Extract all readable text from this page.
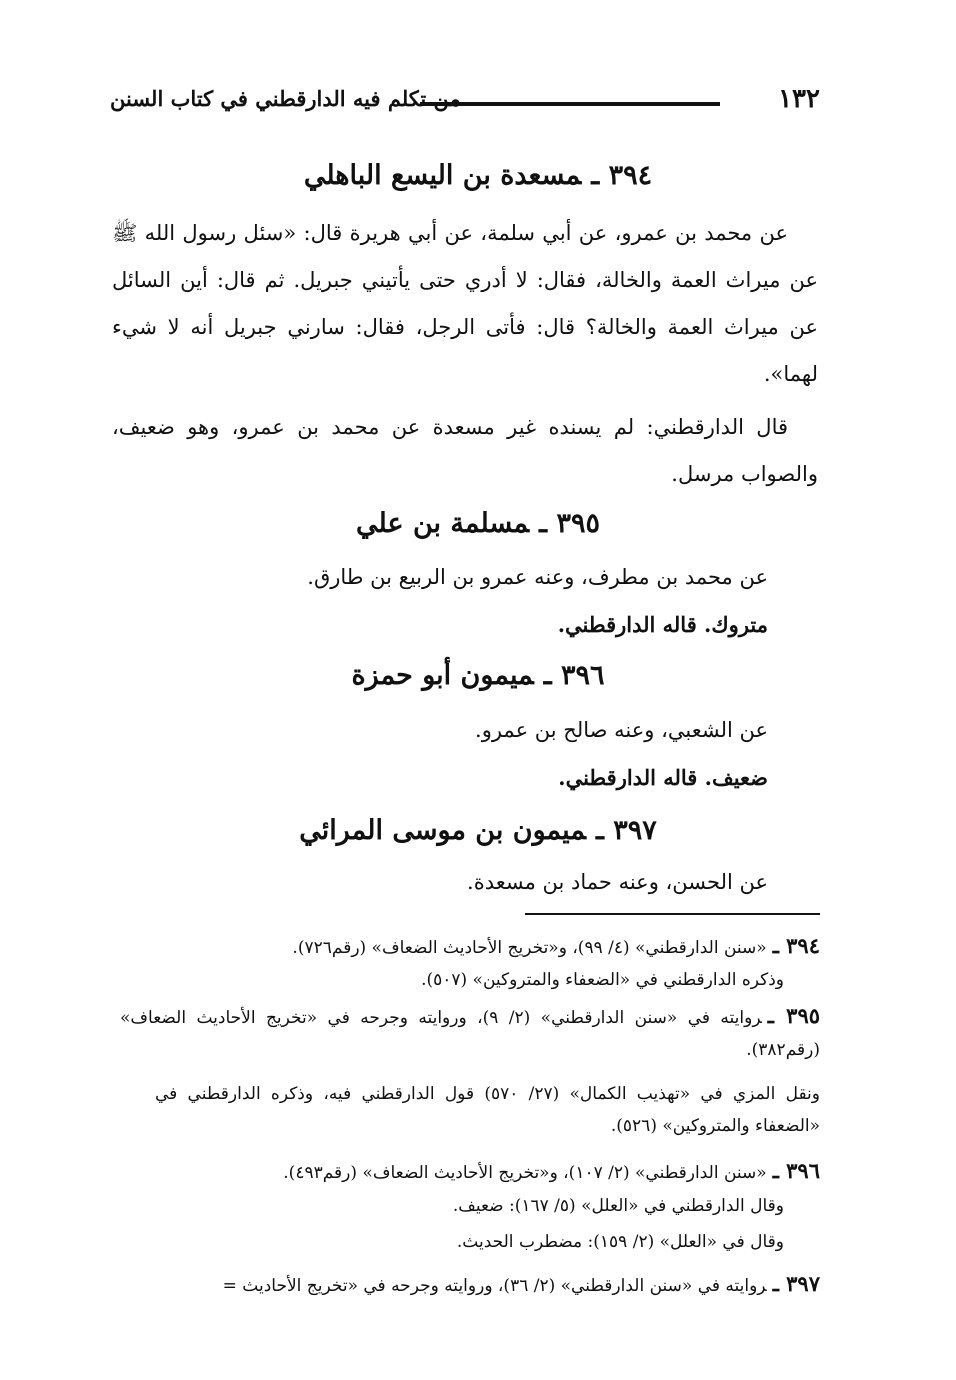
١٣٢
من تكلم فيه الدارقطني في كتاب السنن
٣٩٤ ـمسعدة بن اليسع الباهلي
عن محمد بن عمرو، عن أبي سلمة، عن أبي هريرة قال: «سئل رسول الله ﷺ عن ميراث العمة والخالة، فقال: لا أدري حتى يأتيني جبريل. ثم قال: أين السائل عن ميراث العمة والخالة؟ قال: فأتى الرجل، فقال: سارني جبريل أنه لا شيء لهما».
قال الدارقطني: لم يسنده غير مسعدة عن محمد بن عمرو، وهو ضعيف، والصواب مرسل.
٣٩٥ ـمسلمة بن علي
عن محمد بن مطرف، وعنه عمرو بن الربيع بن طارق.
متروك. قاله الدارقطني.
٣٩٦ ـميمون أبو حمزة
عن الشعبي، وعنه صالح بن عمرو.
ضعيف. قاله الدارقطني.
٣٩٧ ـميمون بن موسى المرائي
عن الحسن، وعنه حماد بن مسعدة.
٣٩٤ ـ«سنن الدارقطني» (٤/ ٩٩)، و«تخريج الأحاديث الضعاف» (رقم٧٢٦).
وذكره الدارقطني في «الضعفاء والمتروكين» (٥٠٧).
٣٩٥ ـروايته في «سنن الدارقطني» (٢/ ٩)، وروايته وجرحه في «تخريج الأحاديث الضعاف» (رقم٣٨٢).
ونقل المزي في «تهذيب الكمال» (٢٧/ ٥٧٠) قول الدارقطني فيه، وذكره الدارقطني في «الضعفاء والمتروكين» (٥٢٦).
٣٩٦ ـ«سنن الدارقطني» (٢/ ١٠٧)، و«تخريج الأحاديث الضعاف» (رقم٤٩٣).
وقال الدارقطني في «العلل» (٥/ ١٦٧): ضعيف.
وقال في «العلل» (٢/ ١٥٩): مضطرب الحديث.
٣٩٧ ـروايته في «سنن الدارقطني» (٢/ ٣٦)، وروايته وجرحه في «تخريج الأحاديث =
